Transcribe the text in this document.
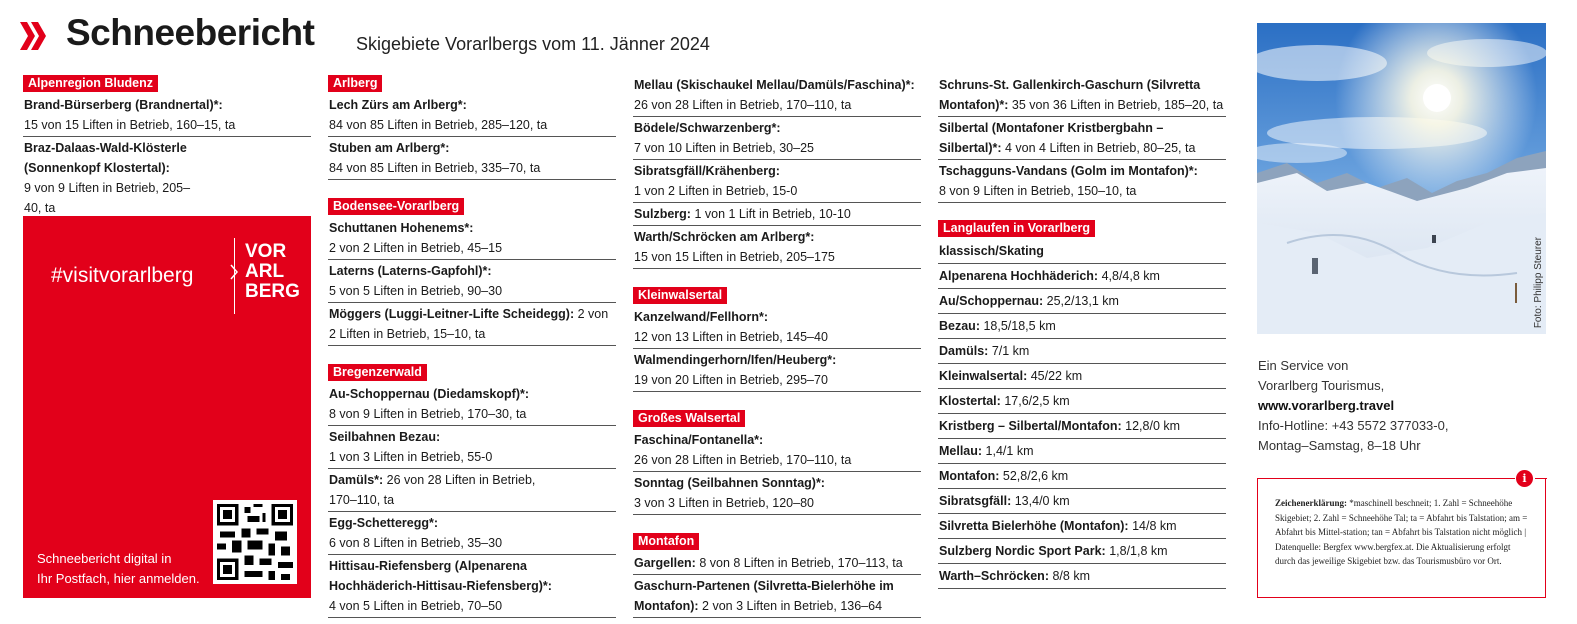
Schneebericht Skigebiete Vorarlbergs vom 11. Jänner 2024
Alpenregion Bludenz
Brand-Bürserberg (Brandnertal)*:
15 von 15 Liften in Betrieb, 160–15, ta
Braz-Dalaas-Wald-Klösterle (Sonnenkopf Klostertal):
9 von 9 Liften in Betrieb, 205–40, ta
#visitvorarlberg
VOR
ARL
BERG
Schneebericht digital in
Ihr Postfach, hier anmelden.
Arlberg
Lech Zürs am Arlberg*:
84 von 85 Liften in Betrieb, 285–120, ta
Stuben am Arlberg*:
84 von 85 Liften in Betrieb, 335–70, ta
Bodensee-Vorarlberg
Schuttanen Hohenems*:
2 von 2 Liften in Betrieb, 45–15
Laterns (Laterns-Gapfohl)*:
5 von 5 Liften in Betrieb, 90–30
Möggers (Luggi-Leitner-Lifte Scheidegg): 2 von 2 Liften in Betrieb, 15–10, ta
Bregenzerwald
Au-Schoppernau (Diedamskopf)*:
8 von 9 Liften in Betrieb, 170–30, ta
Seilbahnen Bezau:
1 von 3 Liften in Betrieb, 55-0
Damüls*: 26 von 28 Liften in Betrieb, 170–110, ta
Egg-Schetteregg*:
6 von 8 Liften in Betrieb, 35–30
Hittisau-Riefensberg (Alpenarena Hochhäderich-Hittisau-Riefensberg)*:
4 von 5 Liften in Betrieb, 70–50
Mellau (Skischaukel Mellau/Damüls/Faschina)*:
26 von 28 Liften in Betrieb, 170–110, ta
Bödele/Schwarzenberg*:
7 von 10 Liften in Betrieb, 30–25
Sibratsgfäll/Krähenberg:
1 von 2 Liften in Betrieb, 15-0
Sulzberg: 1 von 1 Lift in Betrieb, 10-10
Warth/Schröcken am Arlberg*:
15 von 15 Liften in Betrieb, 205–175
Kleinwalsertal
Kanzelwand/Fellhorn*:
12 von 13 Liften in Betrieb, 145–40
Walmendingerhorn/Ifen/Heuberg*:
19 von 20 Liften in Betrieb, 295–70
Großes Walsertal
Faschina/Fontanella*:
26 von 28 Liften in Betrieb, 170–110, ta
Sonntag (Seilbahnen Sonntag)*:
3 von 3 Liften in Betrieb, 120–80
Montafon
Gargellen: 8 von 8 Liften in Betrieb, 170–113, ta
Gaschurn-Partenen (Silvretta-Bielerhöhe im Montafon): 2 von 3 Liften in Betrieb, 136–64
Schruns-St. Gallenkirch-Gaschurn (Silvretta Montafon)*: 35 von 36 Liften in Betrieb, 185–20, ta
Silbertal (Montafoner Kristbergbahn – Silbertal)*: 4 von 4 Liften in Betrieb, 80–25, ta
Tschagguns-Vandans (Golm im Montafon)*:
8 von 9 Liften in Betrieb, 150–10, ta
Langlaufen in Vorarlberg
klassisch/Skating
Alpenarena Hochhäderich: 4,8/4,8 km
Au/Schoppernau: 25,2/13,1 km
Bezau: 18,5/18,5 km
Damüls: 7/1 km
Kleinwalsertal: 45/22 km
Klostertal: 17,6/2,5 km
Kristberg – Silbertal/Montafon: 12,8/0 km
Mellau: 1,4/1 km
Montafon: 52,8/2,6 km
Sibratsgfäll: 13,4/0 km
Silvretta Bielerhöhe (Montafon): 14/8 km
Sulzberg Nordic Sport Park: 1,8/1,8 km
Warth–Schröcken: 8/8 km
Foto: Philipp Steurer
Ein Service von
Vorarlberg Tourismus,
www.vorarlberg.travel
Info-Hotline: +43 5572 377033-0,
Montag–Samstag, 8–18 Uhr
i
Zeichenerklärung: *maschinell beschneit; 1. Zahl = Schneehöhe Skigebiet; 2. Zahl = Schneehöhe Tal; ta = Abfahrt bis Talstation; am = Abfahrt bis Mittel-station; tan = Abfahrt bis Talstation nicht möglich | Datenquelle: Bergfex www.bergfex.at. Die Aktualisierung erfolgt durch das jeweilige Skigebiet bzw. das Tourismusbüro vor Ort.
